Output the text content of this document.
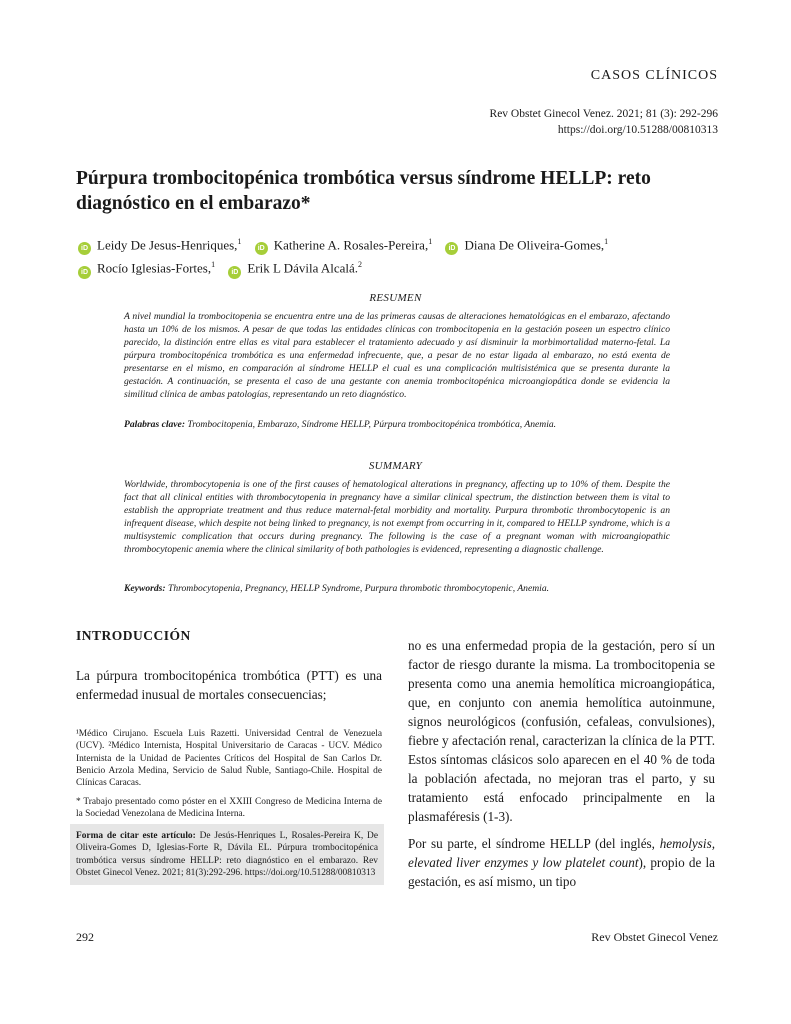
CASOS CLÍNICOS
Rev Obstet Ginecol Venez. 2021; 81 (3): 292-296
https://doi.org/10.51288/00810313
Púrpura trombocitopénica trombótica versus síndrome HELLP: reto diagnóstico en el embarazo*
iD Leidy De Jesus-Henriques,$^1$ iD Katherine A. Rosales-Pereira,$^1$ iD Diana De Oliveira-Gomes,$^1$
iD Rocío Iglesias-Fortes,$^1$ iD Erik L Dávila Alcalá.$^2$
RESUMEN
A nivel mundial la trombocitopenia se encuentra entre una de las primeras causas de alteraciones hematológicas en el embarazo, afectando hasta un 10% de los mismos. A pesar de que todas las entidades clínicas con trombocitopenia en la gestación poseen un espectro clínico parecido, la distinción entre ellas es vital para establecer el tratamiento adecuado y así disminuir la morbimortalidad materno-fetal. La púrpura trombocitopénica trombótica es una enfermedad infrecuente, que, a pesar de no estar ligada al embarazo, no está exenta de presentarse en el mismo, en comparación al síndrome HELLP el cual es una complicación multisistémica que se presenta durante la gestación. A continuación, se presenta el caso de una gestante con anemia trombocitopénica microangiopática donde se evidencia la similitud clínica de ambas patologías, representando un reto diagnóstico.
Palabras clave: Trombocitopenia, Embarazo, Síndrome HELLP, Púrpura trombocitopénica trombótica, Anemia.
SUMMARY
Worldwide, thrombocytopenia is one of the first causes of hematological alterations in pregnancy, affecting up to 10% of them. Despite the fact that all clinical entities with thrombocytopenia in pregnancy have a similar clinical spectrum, the distinction between them is vital to establish the appropriate treatment and thus reduce maternal-fetal morbidity and mortality. Purpura thrombotic thrombocytopenic is an infrequent disease, which despite not being linked to pregnancy, is not exempt from occurring in it, compared to HELLP syndrome, which is a multisystemic complication that occurs during pregnancy. The following is the case of a pregnant woman with microangiopathic thrombocytopenic anemia where the clinical similarity of both pathologies is evidenced, representing a diagnostic challenge.
Keywords: Thrombocytopenia, Pregnancy, HELLP Syndrome, Purpura thrombotic thrombocytopenic, Anemia.
INTRODUCCIÓN
La púrpura trombocitopénica trombótica (PTT) es una enfermedad inusual de mortales consecuencias;
no es una enfermedad propia de la gestación, pero sí un factor de riesgo durante la misma. La trombocitopenia se presenta como una anemia hemolítica microangiopática, que, en conjunto con anemia hemolítica autoinmune, signos neurológicos (confusión, cefaleas, convulsiones), fiebre y afectación renal, caracterizan la clínica de la PTT. Estos síntomas clásicos solo aparecen en el 40 % de toda la población afectada, no mejoran tras el parto, y su tratamiento está enfocado principalmente en la plasmaféresis (1-3).
Por su parte, el síndrome HELLP (del inglés, hemolysis, elevated liver enzymes y low platelet count), propio de la gestación, es así mismo, un tipo
¹Médico Cirujano. Escuela Luis Razetti. Universidad Central de Venezuela (UCV). ²Médico Internista, Hospital Universitario de Caracas - UCV. Médico Internista de la Unidad de Pacientes Críticos del Hospital de San Carlos Dr. Benicio Arzola Medina, Servicio de Salud Ñuble, Santiago-Chile. Hospital de Clínicas Caracas.
* Trabajo presentado como póster en el XXIII Congreso de Medicina Interna de la Sociedad Venezolana de Medicina Interna.
Forma de citar este artículo: De Jesús-Henriques L, Rosales-Pereira K, De Oliveira-Gomes D, Iglesias-Forte R, Dávila EL. Púrpura trombocitopénica trombótica versus síndrome HELLP: reto diagnóstico en el embarazo. Rev Obstet Ginecol Venez. 2021; 81(3):292-296. https://doi.org/10.51288/00810313
292	Rev Obstet Ginecol Venez
